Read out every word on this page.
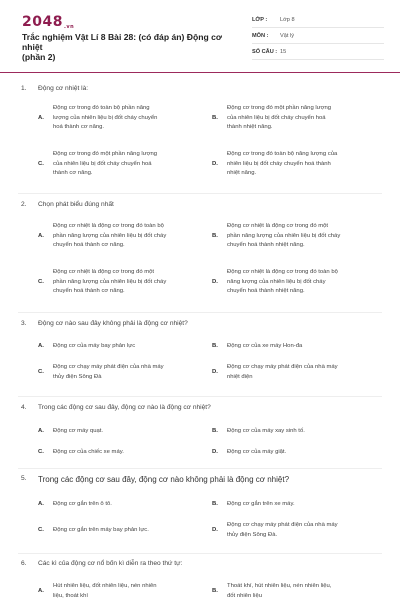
2048.vn
Trắc nghiệm Vật Lí 8 Bài 28: (có đáp án) Động cơ nhiệt
(phần 2)
LỚP :	Lớp 8
MÔN :	Vật lý
SỐ CÂU : 15
1. Động cơ nhiệt là:
A.
Động cơ trong đó toàn bộ phần năng
lượng của nhiên liệu bị đốt cháy chuyển
hoá thành cơ năng.
B.
Động cơ trong đó một phần năng lượng
của nhiên liệu bị đốt cháy chuyển hoá
thành nhiệt năng.
C.
Động cơ trong đó một phần năng lượng
của nhiên liệu bị đốt cháy chuyển hoá
thành cơ năng.
D.
Động cơ trong đó toàn bộ năng lượng của
nhiên liệu bị đốt cháy chuyển hoá thành
nhiệt năng.
2. Chọn phát biểu đúng nhất
A.
Động cơ nhiệt là động cơ trong đó toàn bộ
phần năng lượng của nhiên liệu bị đốt cháy
chuyển hoá thành cơ năng.
B.
Động cơ nhiệt là động cơ trong đó một
phần năng lượng của nhiên liệu bị đốt cháy
chuyển hoá thành nhiệt năng.
C.
Động cơ nhiệt là động cơ trong đó một
phần năng lượng của nhiên liệu bị đốt cháy
chuyển hoá thành cơ năng.
D.
Động cơ nhiệt là động cơ trong đó toàn bộ
năng lượng của nhiên liệu bị đốt cháy
chuyển hoá thành nhiệt năng.
3. Động cơ nào sau đây không phải là động cơ nhiệt?
A. Động cơ của máy bay phản lực	B. Động cơ của xe máy Hon-đa
C.
Động cơ chạy máy phát điện của nhà máy
thủy điện Sông Đà
D.
Động cơ chạy máy phát điện của nhà máy
nhiệt điện
4. Trong các động cơ sau đây, động cơ nào là động cơ nhiệt?
A. Động cơ máy quạt.	B. Động cơ của máy xay sinh tố.
C. Động cơ của chiếc xe máy.	D. Động cơ của máy giặt.
5. Trong các động cơ sau đây, động cơ nào không phải là động cơ nhiệt?
A. Động cơ gắn trên ô tô.	B. Động cơ gắn trên xe máy.
C. Động cơ gắn trên máy bay phản lực.	D.
Động cơ chạy máy phát điện của nhà máy
thủy điện Sông Đà.
6. Các kì của động cơ nổ bốn kì diễn ra theo thứ tự:
A.
Hút nhiên liệu, đốt nhiên liệu, nén nhiên
liệu, thoát khí
B.
Thoát khí, hút nhiên liệu, nén nhiên liệu,
đốt nhiên liệu
